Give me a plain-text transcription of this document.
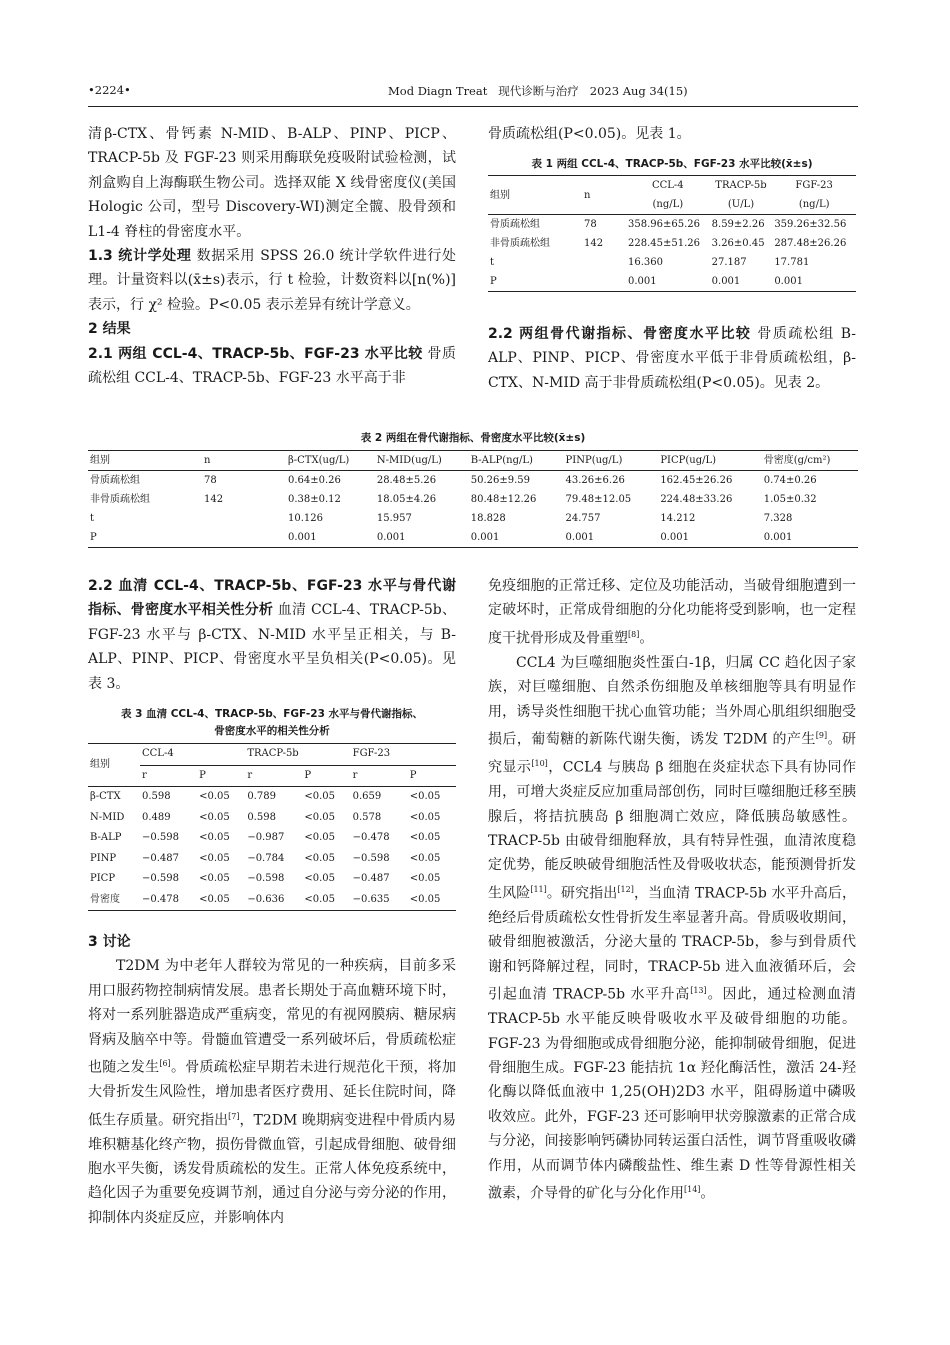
•2224•	Mod Diagn Treat   现代诊断与治疗   2023 Aug 34(15)

清β-CTX、骨钙素 N-MID、B-ALP、PINP、PICP、TRACP-5b 及 FGF-23 则采用酶联免疫吸附试验检测，试剂盒购自上海酶联生物公司。选择双能 X 线骨密度仪(美国 Hologic 公司，型号 Discovery-WI)测定全髋、股骨颈和 L1-4 脊柱的骨密度水平。

1.3 统计学处理 数据采用 SPSS 26.0 统计学软件进行处理。计量资料以(x̄±s)表示，行 t 检验，计数资料以[n(%)]表示，行 χ² 检验。P<0.05 表示差异有统计学意义。

2 结果

2.1 两组 CCL-4、TRACP-5b、FGF-23 水平比较 骨质疏松组 CCL-4、TRACP-5b、FGF-23 水平高于非

骨质疏松组(P<0.05)。见表 1。

表 1 两组 CCL-4、TRACP-5b、FGF-23 水平比较(x̄±s)
组别	n	CCL-4	TRACP-5b	FGF-23
		(ng/L)	(U/L)	(ng/L)
骨质疏松组	78	358.96±65.26	8.59±2.26	359.26±32.56
非骨质疏松组	142	228.45±51.26	3.26±0.45	287.48±26.26
t		16.360	27.187	17.781
P		0.001	0.001	0.001

2.2 两组骨代谢指标、骨密度水平比较 骨质疏松组 B-ALP、PINP、PICP、骨密度水平低于非骨质疏松组，β-CTX、N-MID 高于非骨质疏松组(P<0.05)。见表 2。

表 2 两组在骨代谢指标、骨密度水平比较(x̄±s)
组别	n	β-CTX(ug/L)	N-MID(ug/L)	B-ALP(ng/L)	PINP(ug/L)	PICP(ug/L)	骨密度(g/cm²)
骨质疏松组	78	0.64±0.26	28.48±5.26	50.26±9.59	43.26±6.26	162.45±26.26	0.74±0.26
非骨质疏松组	142	0.38±0.12	18.05±4.26	80.48±12.26	79.48±12.05	224.48±33.26	1.05±0.32
t		10.126	15.957	18.828	24.757	14.212	7.328
P		0.001	0.001	0.001	0.001	0.001	0.001

2.2 血清 CCL-4、TRACP-5b、FGF-23 水平与骨代谢指标、骨密度水平相关性分析 血清 CCL-4、TRACP-5b、FGF-23 水平与 β-CTX、N-MID 水平呈正相关，与 B-ALP、PINP、PICP、骨密度水平呈负相关(P<0.05)。见表 3。

表 3 血清 CCL-4、TRACP-5b、FGF-23 水平与骨代谢指标、
骨密度水平的相关性分析
组别	CCL-4		TRACP-5b		FGF-23	
	r	P	r	P	r	P
β-CTX	0.598	<0.05	0.789	<0.05	0.659	<0.05
N-MID	0.489	<0.05	0.598	<0.05	0.578	<0.05
B-ALP	−0.598	<0.05	−0.987	<0.05	−0.478	<0.05
PINP	−0.487	<0.05	−0.784	<0.05	−0.598	<0.05
PICP	−0.598	<0.05	−0.598	<0.05	−0.487	<0.05
骨密度	−0.478	<0.05	−0.636	<0.05	−0.635	<0.05

3 讨论

T2DM 为中老年人群较为常见的一种疾病，目前多采用口服药物控制病情发展。患者长期处于高血糖环境下时，将对一系列脏器造成严重病变，常见的有视网膜病、糖尿病肾病及脑卒中等。骨髓血管遭受一系列破坏后，骨质疏松症也随之发生[6]。骨质疏松症早期若未进行规范化干预，将加大骨折发生风险性，增加患者医疗费用、延长住院时间，降低生存质量。研究指出[7]，T2DM 晚期病变进程中骨质内易堆积糖基化终产物，损伤骨微血管，引起成骨细胞、破骨细胞水平失衡，诱发骨质疏松的发生。正常人体免疫系统中，趋化因子为重要免疫调节剂，通过自分泌与旁分泌的作用，抑制体内炎症反应，并影响体内

免疫细胞的正常迁移、定位及功能活动，当破骨细胞遭到一定破坏时，正常成骨细胞的分化功能将受到影响，也一定程度干扰骨形成及骨重塑[8]。

CCL4 为巨噬细胞炎性蛋白-1β，归属 CC 趋化因子家族，对巨噬细胞、自然杀伤细胞及单核细胞等具有明显作用，诱导炎性细胞干扰心血管功能；当外周心肌组织细胞受损后，葡萄糖的新陈代谢失衡，诱发 T2DM 的产生[9]。研究显示[10]，CCL4 与胰岛 β 细胞在炎症状态下具有协同作用，可增大炎症反应加重局部创伤，同时巨噬细胞迁移至胰腺后，将拮抗胰岛 β 细胞凋亡效应，降低胰岛敏感性。TRACP-5b 由破骨细胞释放，具有特异性强，血清浓度稳定优势，能反映破骨细胞活性及骨吸收状态，能预测骨折发生风险[11]。研究指出[12]，当血清 TRACP-5b 水平升高后，绝经后骨质疏松女性骨折发生率显著升高。骨质吸收期间，破骨细胞被激活，分泌大量的 TRACP-5b，参与到骨质代谢和钙降解过程，同时，TRACP-5b 进入血液循环后，会引起血清 TRACP-5b 水平升高[13]。因此，通过检测血清 TRACP-5b 水平能反映骨吸收水平及破骨细胞的功能。FGF-23 为骨细胞或成骨细胞分泌，能抑制破骨细胞，促进骨细胞生成。FGF-23 能拮抗 1α 羟化酶活性，激活 24-羟化酶以降低血液中 1,25(OH)2D3 水平，阻碍肠道中磷吸收效应。此外，FGF-23 还可影响甲状旁腺激素的正常合成与分泌，间接影响钙磷协同转运蛋白活性，调节肾重吸收磷作用，从而调节体内磷酸盐性、维生素 D 性等骨源性相关激素，介导骨的矿化与分化作用[14]。
